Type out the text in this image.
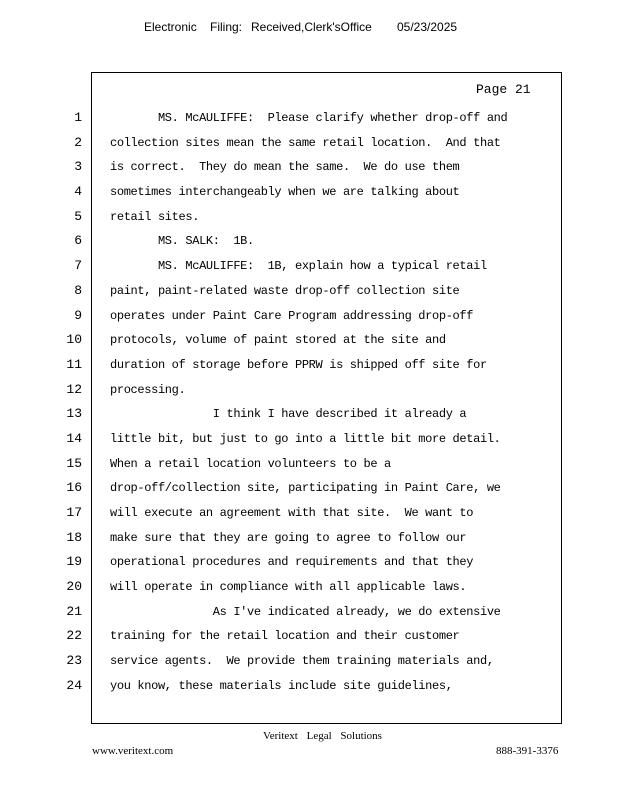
Electronic Filing: Received,Clerk'sOffice 05/23/2025
Page 21
1
2
3
4
5
6
7
8
9
10
11
12
13
14
15
16
17
18
19
20
21
22
23
24
MS. McAULIFFE:  Please clarify whether drop-off and
collection sites mean the same retail location.  And that
is correct.  They do mean the same.  We do use them
sometimes interchangeably when we are talking about
retail sites.
MS. SALK:  1B.
MS. McAULIFFE:  1B, explain how a typical retail
paint, paint-related waste drop-off collection site
operates under Paint Care Program addressing drop-off
protocols, volume of paint stored at the site and
duration of storage before PPRW is shipped off site for
processing.
I think I have described it already a
little bit, but just to go into a little bit more detail.
When a retail location volunteers to be a
drop-off/collection site, participating in Paint Care, we
will execute an agreement with that site.  We want to
make sure that they are going to agree to follow our
operational procedures and requirements and that they
will operate in compliance with all applicable laws.
As I've indicated already, we do extensive
training for the retail location and their customer
service agents.  We provide them training materials and,
you know, these materials include site guidelines,
Veritext Legal Solutions
www.veritext.com	888-391-3376
